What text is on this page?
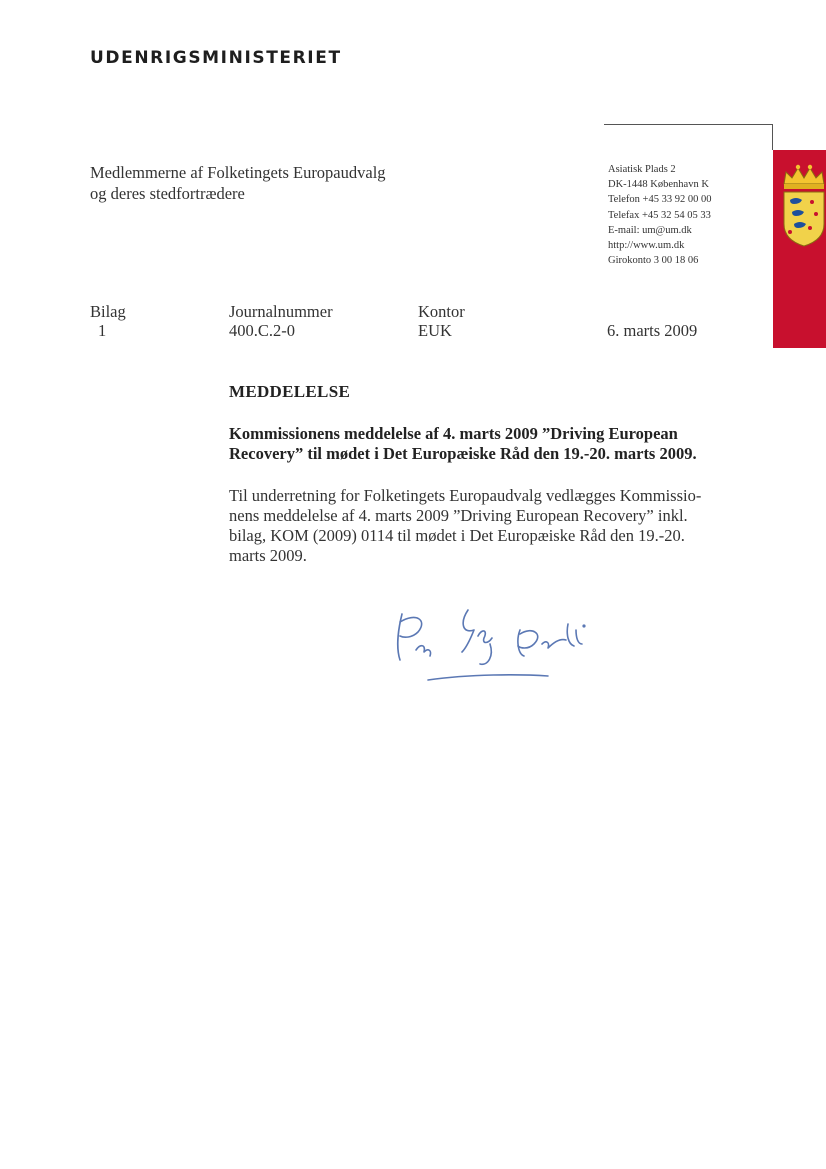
UDENRIGSMINISTERIET
Medlemmerne af Folketingets Europaudvalg
og deres stedfortrædere
Asiatisk Plads 2
DK-1448 København K
Telefon +45 33 92 00 00
Telefax +45 32 54 05 33
E-mail: um@um.dk
http://www.um.dk
Girokonto 3 00 18 06
Bilag
1
Journalnummer
400.C.2-0
Kontor
EUK	6. marts 2009
MEDDELELSE
Kommissionens meddelelse af 4. marts 2009 ”Driving European
Recovery” til mødet i Det Europæiske Råd den 19.-20. marts 2009.
Til underretning for Folketingets Europaudvalg vedlægges Kommissio-
nens meddelelse af 4. marts 2009 ”Driving European Recovery” inkl.
bilag, KOM (2009) 0114 til mødet i Det Europæiske Råd den 19.-20.
marts 2009.
